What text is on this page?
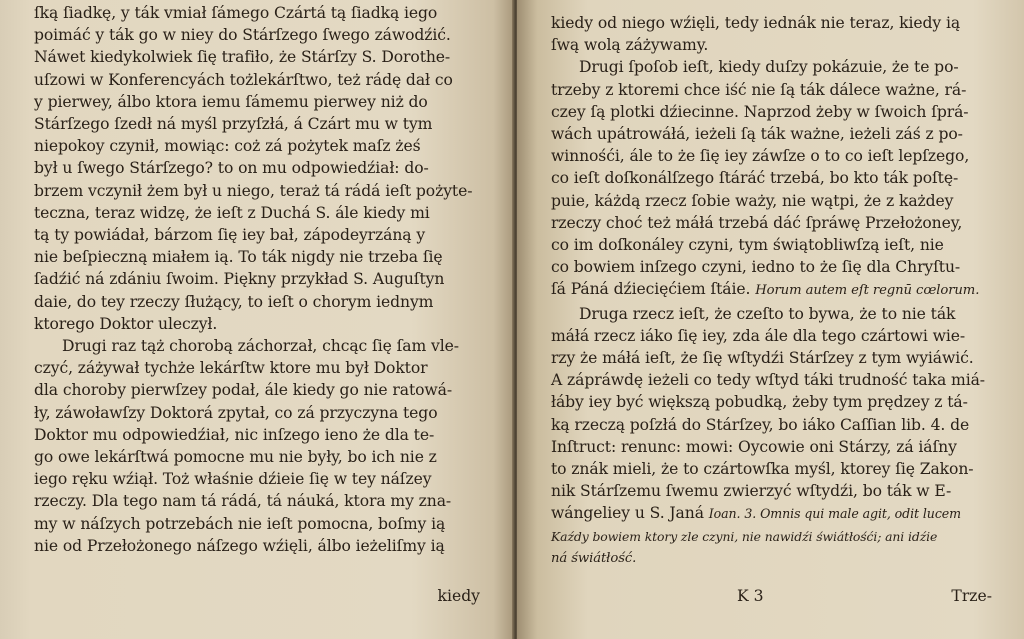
ſką ſiadkę, y ták vmiał ſámego Czártá tą ſiadką iego
poimáć y ták go w niey do Stárſzego ſwego záwodźić.
Náwet kiedykolwiek ſię trafiło, że Stárſzy S. Dorothe-
uſzowi w Konferencyách tożlekárſtwo, też rádę dał co
y pierwey, álbo ktora iemu ſámemu pierwey niż do
Stárſzego ſzedł ná myśl przyſzłá, á Czárt mu w tym
niepokoy czynił, mowiąc: coż zá pożytek maſz żeś
był u ſwego Stárſzego? to on mu odpowiedźiał: do-
brzem vczynił żem był u niego, teraż tá rádá ieſt pożyte-
teczna, teraz widzę, że ieſt z Duchá S. ále kiedy mi
tą ty powiádał, bárzom ſię iey bał, zápodeyrzáną y
nie beſpieczną miałem ią. To ták nigdy nie trzeba ſię
ſadźić ná zdániu ſwoim. Piękny przykład S. Auguſtyn
daie, do tey rzeczy ſłużący, to ieſt o chorym iednym
ktorego Doktor uleczył.
Drugi raz tąż chorobą záchorzał, chcąc ſię ſam vle-
czyć, záżywał tychże lekárſtw ktore mu był Doktor
dla choroby pierwſzey podał, ále kiedy go nie ratowá-
ły, záwoławſzy Doktorá zpytał, co zá przyczyna tego
Doktor mu odpowiedźiał, nic inſzego ieno że dla te-
go owe lekárſtwá pomocne mu nie były, bo ich nie z
iego ręku wźiął. Toż właśnie dźieie ſię w tey náſzey
rzeczy. Dla tego nam tá rádá, tá náuká, ktora my zna-
my w náſzych potrzebách nie ieſt pomocna, boſmy ią
nie od Przełożonego náſzego wźięli, álbo ieżeliſmy ią
kiedy
kiedy od niego wźięli, tedy iednák nie teraz, kiedy ią
ſwą wolą záżywamy.
Drugi ſpoſob ieſt, kiedy duſzy pokázuie, że te po-
trzeby z ktoremi chce iść nie ſą ták dálece ważne, rá-
czey ſą plotki dźiecinne. Naprzod żeby w ſwoich ſprá-
wách upátrowáłá, ieżeli ſą ták ważne, ieżeli záś z po-
winnośći, ále to że ſię iey záwſze o to co ieſt lepſzego,
co ieſt doſkonálſzego ſtáráć trzebá, bo kto ták poſtę-
puie, káżdą rzecz ſobie waży, nie wątpi, że z każdey
rzeczy choć też máłá trzebá dáć ſpráwę Przełożoney,
co im doſkonáley czyni, tym świątobliwſzą ieſt, nie
co bowiem inſzego czyni, iedno to że ſię dla Chryſtu-
ſá Páná dźiecięćiem ſtáie. Horum autem eſt regnū cœlorum.
Druga rzecz ieſt, że czeſto to bywa, że to nie ták
máłá rzecz iáko ſię iey, zda ále dla tego czártowi wie-
rzy że máłá ieſt, że ſię wſtydźi Stárſzey z tym wyiáwić.
A zápráwdę ieżeli co tedy wſtyd táki trudność taka miá-
łáby iey być większą pobudką, żeby tym prędzey z tá-
ką rzeczą poſzłá do Stárſzey, bo iáko Caſſian lib. 4. de
Inſtruct: renunc: mowi: Oycowie oni Stárzy, zá iáſny
to znák mieli, że to czártowſka myśl, ktorey ſię Zakon-
nik Stárſzemu ſwemu zwierzyć wſtydźi, bo ták w E-
wángeliey u S. Janá Ioan. 3. Omnis qui male agit, odit lucem
Kaźdy bowiem ktory zle czyni, nie nawidźi świátłośći; ani idźie
ná świátłość.
K 3	Trze-
